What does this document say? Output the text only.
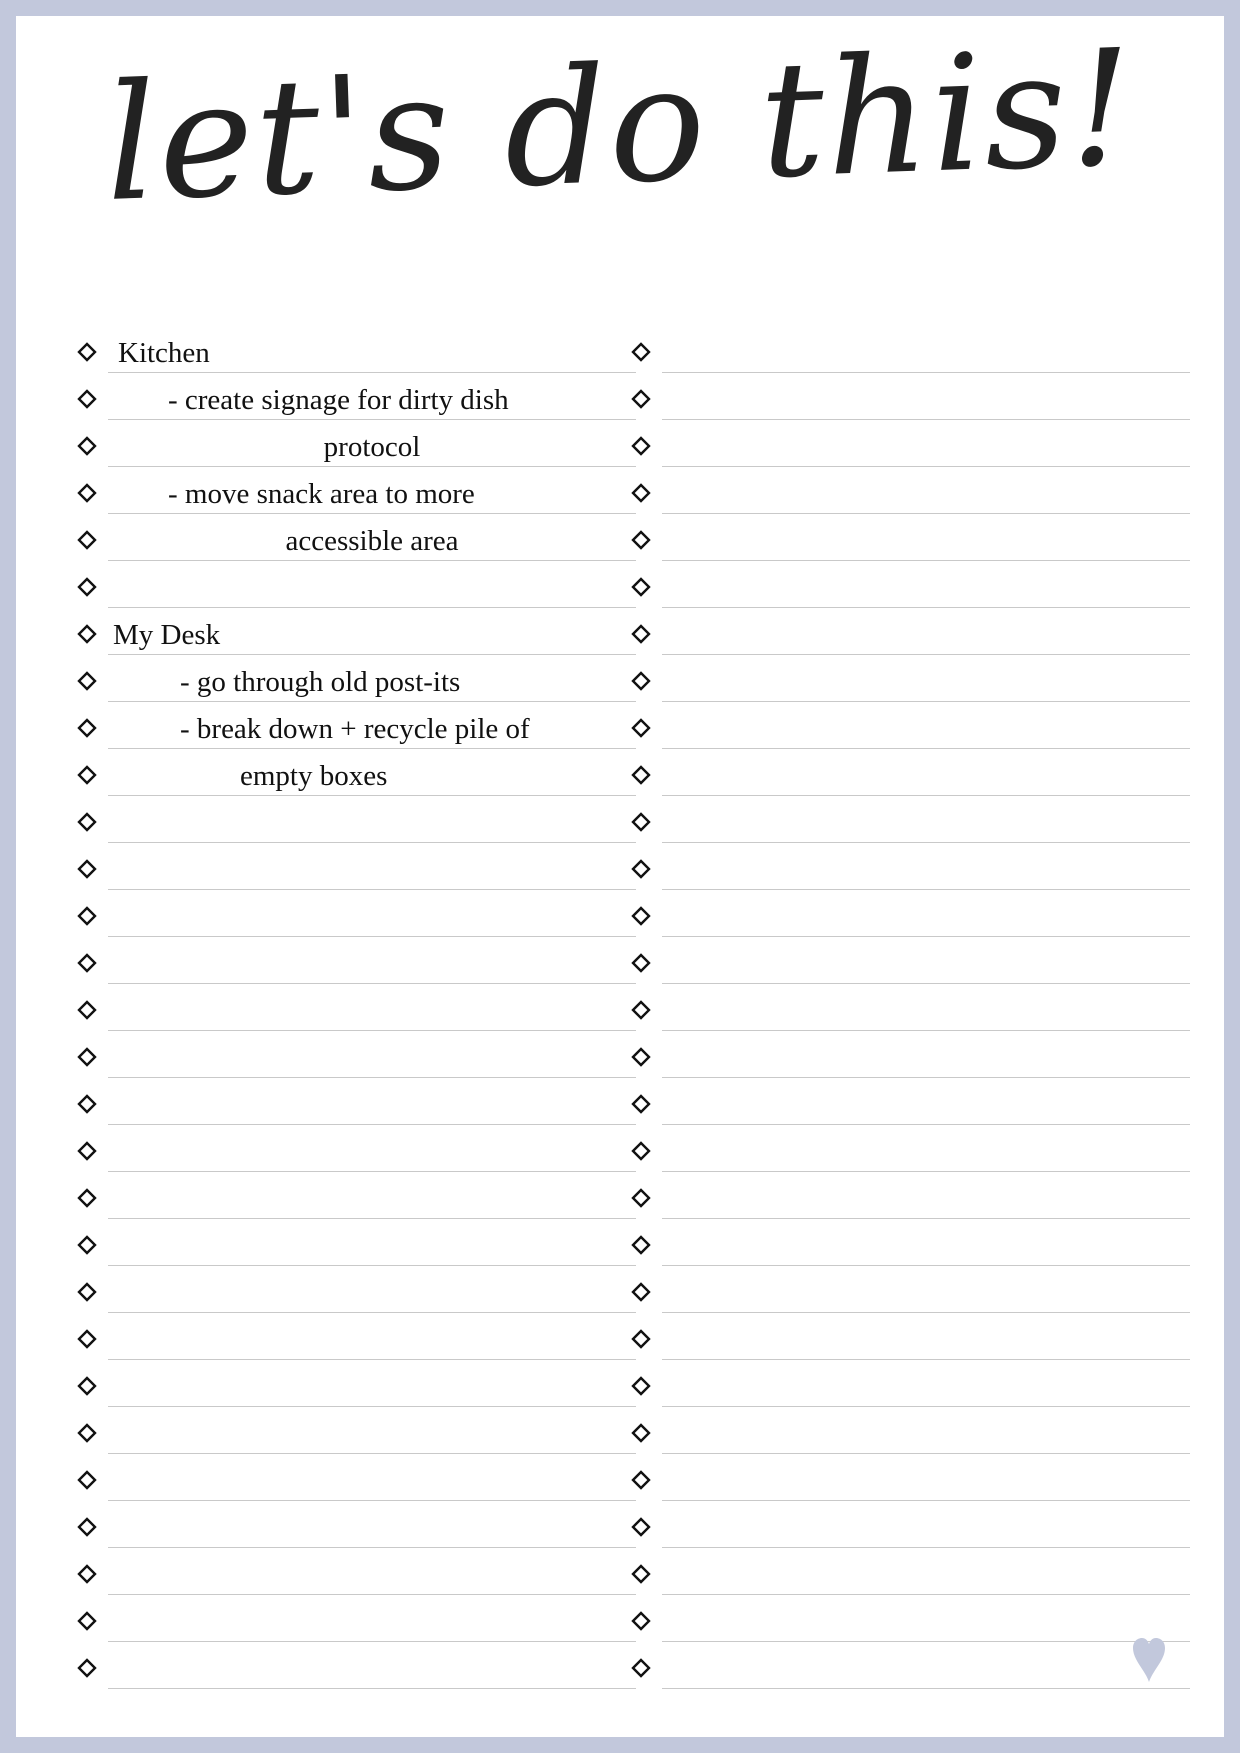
let's do this!
Kitchen
- create signage for dirty dish
protocol
- move snack area to more
accessible area
My Desk
- go through old post-its
- break down + recycle pile of
empty boxes
